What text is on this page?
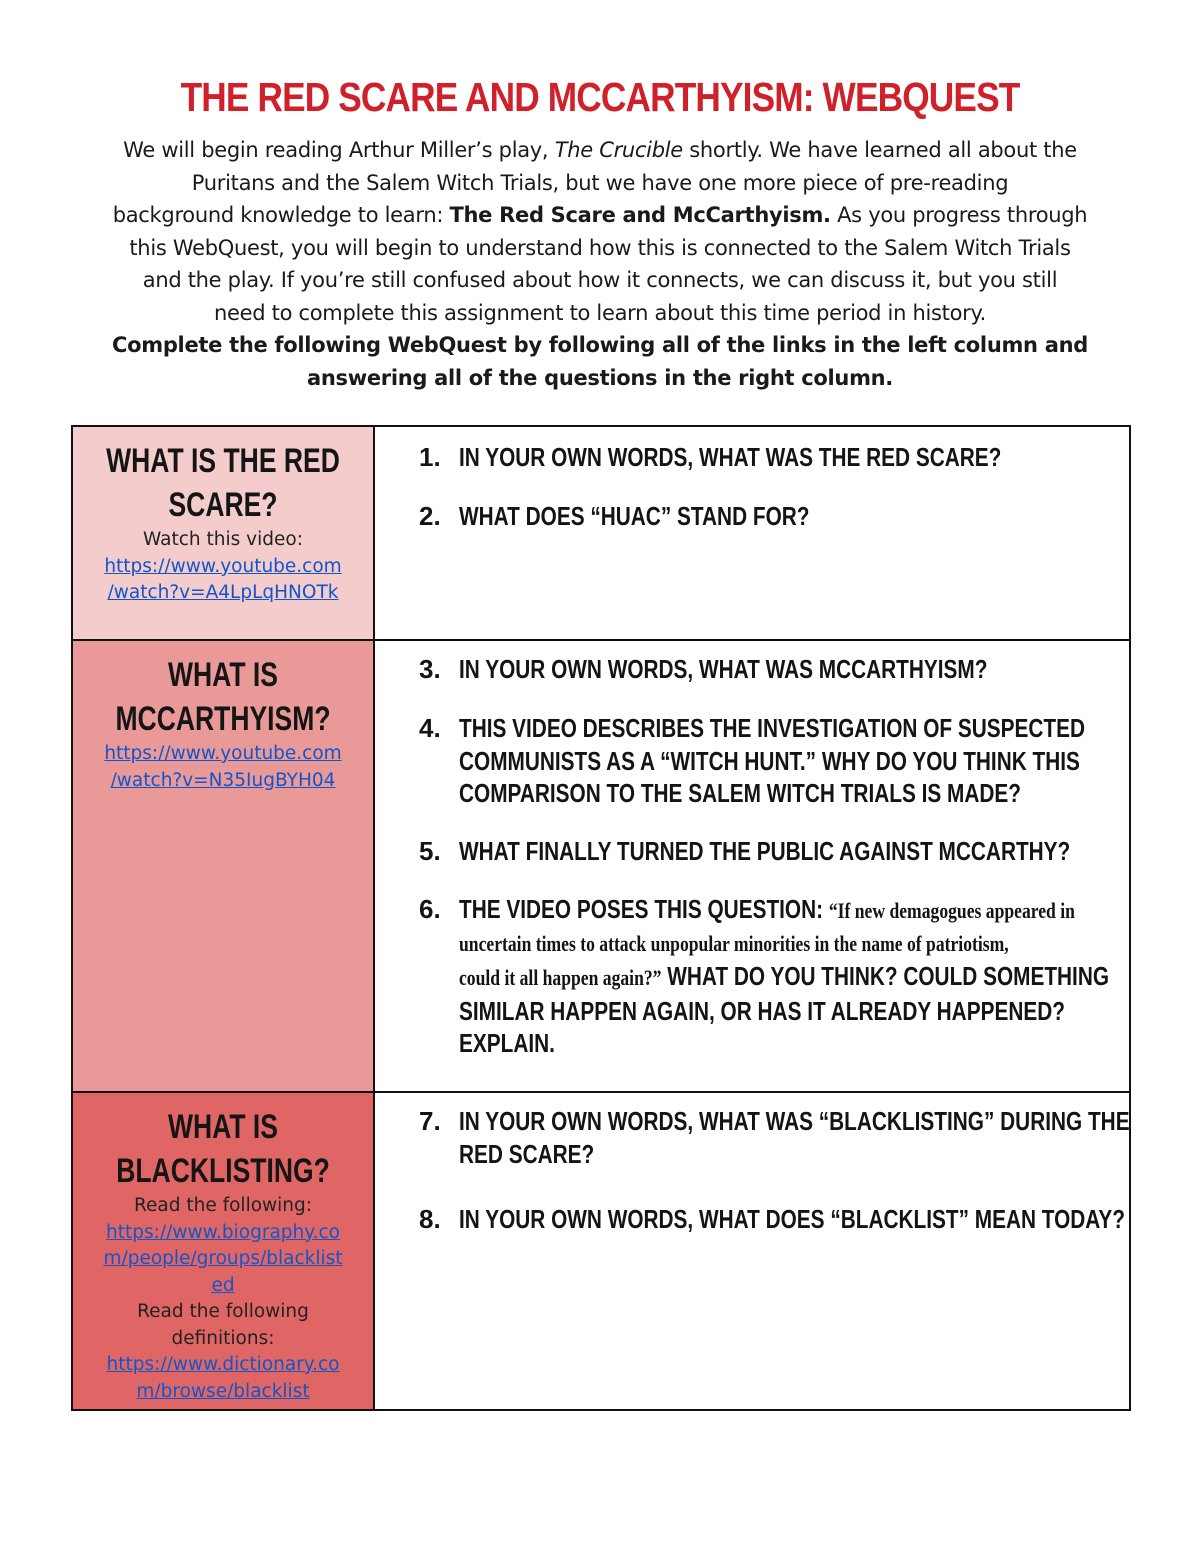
THE RED SCARE AND MCCARTHYISM: WEBQUEST
We will begin reading Arthur Miller’s play, The Crucible shortly. We have learned all about the
Puritans and the Salem Witch Trials, but we have one more piece of pre-reading
background knowledge to learn: The Red Scare and McCarthyism. As you progress through
this WebQuest, you will begin to understand how this is connected to the Salem Witch Trials
and the play. If you’re still confused about how it connects, we can discuss it, but you still
need to complete this assignment to learn about this time period in history.
Complete the following WebQuest by following all of the links in the left column and
answering all of the questions in the right column.
WHAT IS THE RED
SCARE?
Watch this video:
https://www.youtube.com
/watch?v=A4LpLqHNOTk
1. IN YOUR OWN WORDS, WHAT WAS THE RED SCARE?
2. WHAT DOES “HUAC” STAND FOR?
WHAT IS
MCCARTHYISM?
https://www.youtube.com
/watch?v=N35IugBYH04
3. IN YOUR OWN WORDS, WHAT WAS MCCARTHYISM?
4. THIS VIDEO DESCRIBES THE INVESTIGATION OF SUSPECTED
COMMUNISTS AS A “WITCH HUNT.” WHY DO YOU THINK THIS
COMPARISON TO THE SALEM WITCH TRIALS IS MADE?
5. WHAT FINALLY TURNED THE PUBLIC AGAINST MCCARTHY?
6. THE VIDEO POSES THIS QUESTION: “If new demagogues appeared in
uncertain times to attack unpopular minorities in the name of patriotism,
could it all happen again?” WHAT DO YOU THINK? COULD SOMETHING
SIMILAR HAPPEN AGAIN, OR HAS IT ALREADY HAPPENED?
EXPLAIN.
WHAT IS
BLACKLISTING?
Read the following:
https://www.biography.co
m/people/groups/blacklist
ed
Read the following
definitions:
https://www.dictionary.co
m/browse/blacklist
7. IN YOUR OWN WORDS, WHAT WAS “BLACKLISTING” DURING THE
RED SCARE?
8. IN YOUR OWN WORDS, WHAT DOES “BLACKLIST” MEAN TODAY?
